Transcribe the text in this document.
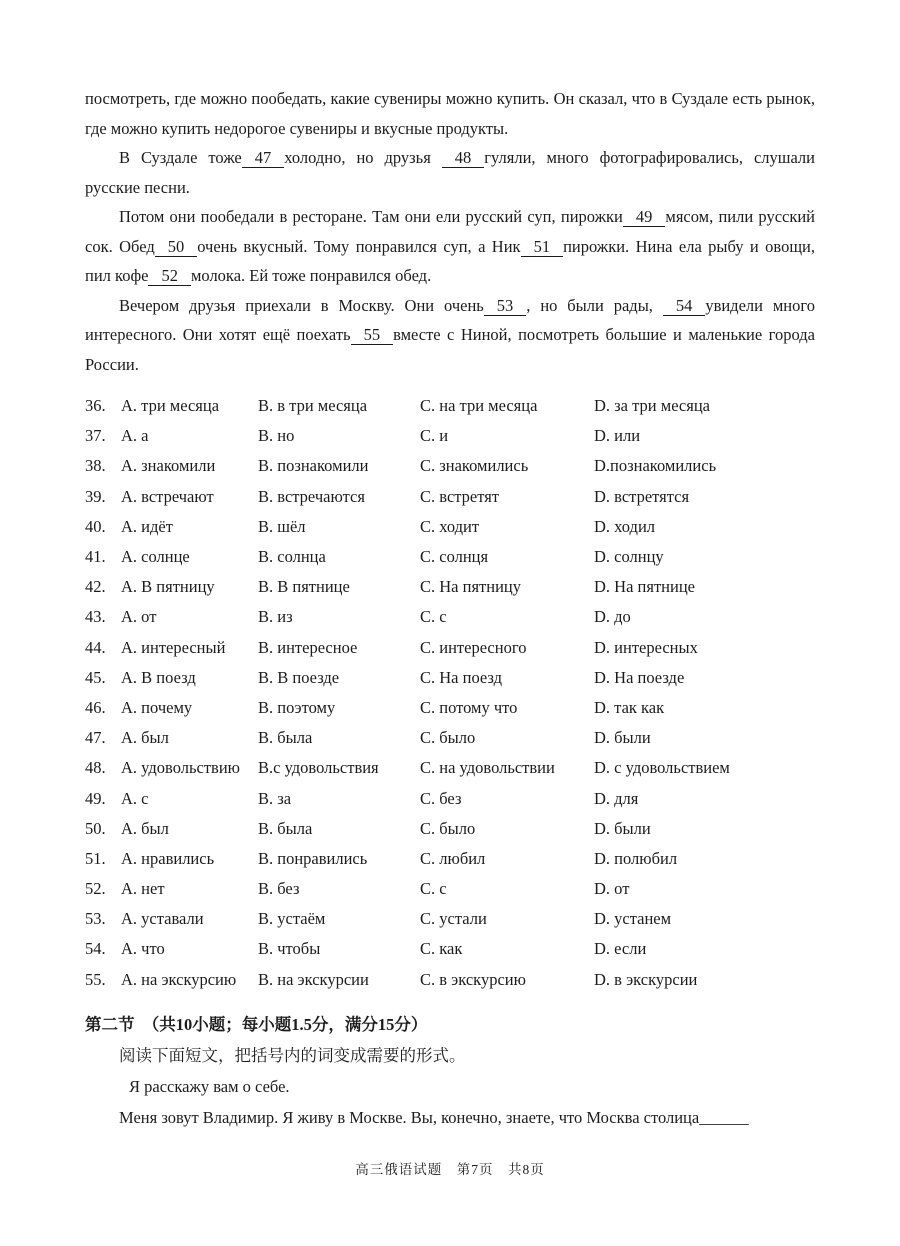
посмотреть, где можно пообедать, какие сувениры можно купить. Он сказал, что в Суздале есть рынок, где можно купить недорогое сувениры и вкусные продукты.

В Суздале тоже 47 холодно, но друзья 48 гуляли, много фотографировались, слушали русские песни.

Потом они пообедали в ресторане. Там они ели русский суп, пирожки 49 мясом, пили русский сок. Обед 50 очень вкусный. Тому понравился суп, а Ник 51 пирожки. Нина ела рыбу и овощи, пил кофе 52 молока. Ей тоже понравился обед.

Вечером друзья приехали в Москву. Они очень 53 , но были рады, 54 увидели много интересного. Они хотят ещё поехать 55 вместе с Ниной, посмотреть большие и маленькие города России.

36. A. три месяца	B. в три месяца	C. на три месяца	D. за три месяца
37. A. а	B. но	C. и	D. или
38. A. знакомили	B. познакомили	C. знакомились	D.познакомились
39. A. встречают	B. встречаются	C. встретят	D. встретятся
40. A. идёт	B. шёл	C. ходит	D. ходил
41. A. солнце	B. солнца	C. солнця	D. солнцу
42. A. В пятницу	B. В пятнице	C. На пятницу	D. На пятнице
43. A. от	B. из	C. с	D. до
44. A. интересный	B. интересное	C. интересного	D. интересных
45. A. В поезд	B. В поезде	C. На поезд	D. На поезде
46. A. почему	B. поэтому	C. потому что	D. так как
47. A. был	B. была	C. было	D. были
48. A. удовольствию	B.с удовольствия	C. на удовольствии	D. с удовольствием
49. A. с	B. за	C. без	D. для
50. A. был	B. была	C. было	D. были
51. A. нравились	B. понравились	C. любил	D. полюбил
52. A. нет	B. без	C. с	D. от
53. A. уставали	B. устаём	C. устали	D. устанем
54. A. что	B. чтобы	C. как	D. если
55. A. на экскурсию	B. на экскурсии	C. в экскурсию	D. в экскурсии

第二节　（共10小题；每小题1.5分，满分15分）

阅读下面短文，把括号内的词变成需要的形式。

Я расскажу вам о себе.

Меня зовут Владимир. Я живу в Москве. Вы, конечно, знаете, что Москва столица______

高三俄语试题　第7页　共8页
